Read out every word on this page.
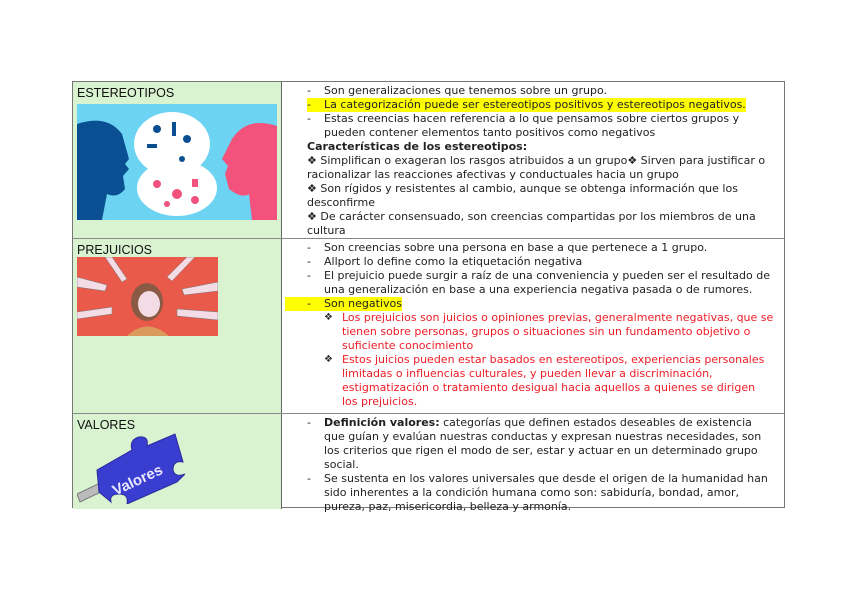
ESTEREOTIPOS	- Son generalizaciones que tenemos sobre un grupo.
- La categorización puede ser estereotipos positivos y estereotipos negativos.
- Estas creencias hacen referencia a lo que pensamos sobre ciertos grupos y pueden contener elementos tanto positivos como negativos
Características de los estereotipos:
❖ Simplifican o exageran los rasgos atribuidos a un grupo❖ Sirven para justificar o racionalizar las reacciones afectivas y conductuales hacia un grupo
❖ Son rígidos y resistentes al cambio, aunque se obtenga información que los desconfirme
❖ De carácter consensuado, son creencias compartidas por los miembros de una cultura
PREJUICIOS	- Son creencias sobre una persona en base a que pertenece a 1 grupo.
- Allport lo define como la etiquetación negativa
- El prejuicio puede surgir a raíz de una conveniencia y pueden ser el resultado de una generalización en base a una experiencia negativa pasada o de rumores.
- Son negativos
❖ Los prejuicios son juicios o opiniones previas, generalmente negativas, que se tienen sobre personas, grupos o situaciones sin un fundamento objetivo o suficiente conocimiento
❖ Estos juicios pueden estar basados en estereotipos, experiencias personales limitadas o influencias culturales, y pueden llevar a discriminación, estigmatización o tratamiento desigual hacia aquellos a quienes se dirigen los prejuicios.
VALORES
Valores
- Definición valores: categorías que definen estados deseables de existencia que guían y evalúan nuestras conductas y expresan nuestras necesidades, son los criterios que rigen el modo de ser, estar y actuar en un determinado grupo social.
- Se sustenta en los valores universales que desde el origen de la humanidad han sido inherentes a la condición humana como son: sabiduría, bondad, amor, pureza, paz, misericordia, belleza y armonía.
